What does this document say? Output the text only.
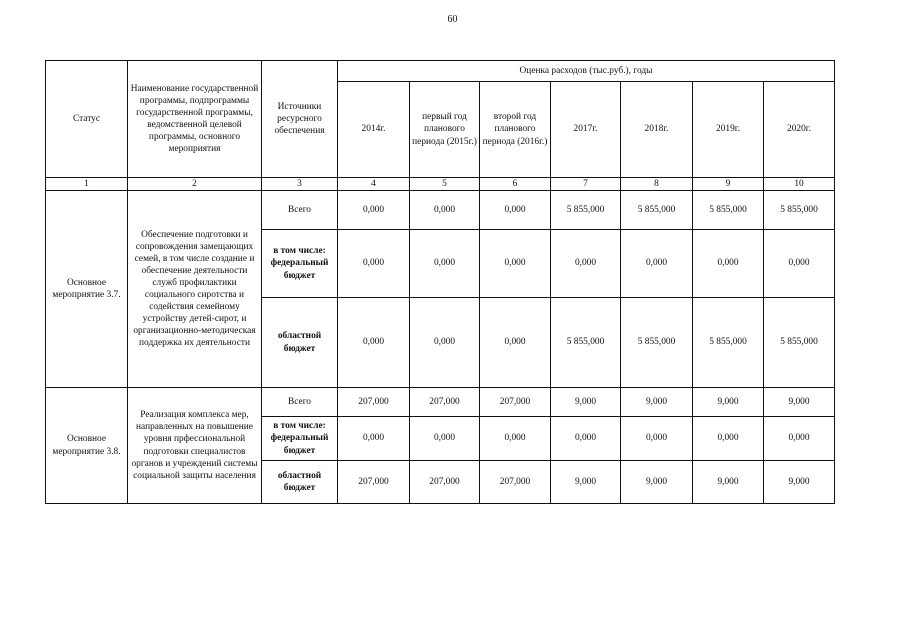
60
Статус	Наименование государственной программы, подпрограммы государственной программы, ведомственной целевой программы, основного мероприятия	Источники ресурсного обеспечения	Оценка расходов (тыс.руб.), годы						
			2014г.	первый год планового периода (2015г.)	второй год планового периода (2016г.)	2017г.	2018г.	2019г.	2020г.
1	2	3	4	5	6	7	8	9	10
Основное мероприятие 3.7.	Обеспечение подготовки и сопровождения замещающих семей, в том числе создание и обеспечение деятельности служб профилактики социального сиротства и содействия семейному устройству детей-сирот, и организационно-методическая поддержка их деятельности	Всего	0,000	0,000	0,000	5 855,000	5 855,000	5 855,000	5 855,000
		в том числе: федеральный бюджет	0,000	0,000	0,000	0,000	0,000	0,000	0,000
		областной бюджет	0,000	0,000	0,000	5 855,000	5 855,000	5 855,000	5 855,000
Основное мероприятие 3.8.	Реализация комплекса мер, направленных на повышение уровня прфессиональной подготовки специалистов органов и учреждений системы социальной защиты населения	Всего	207,000	207,000	207,000	9,000	9,000	9,000	9,000
		в том числе: федеральный бюджет	0,000	0,000	0,000	0,000	0,000	0,000	0,000
		областной бюджет	207,000	207,000	207,000	9,000	9,000	9,000	9,000
